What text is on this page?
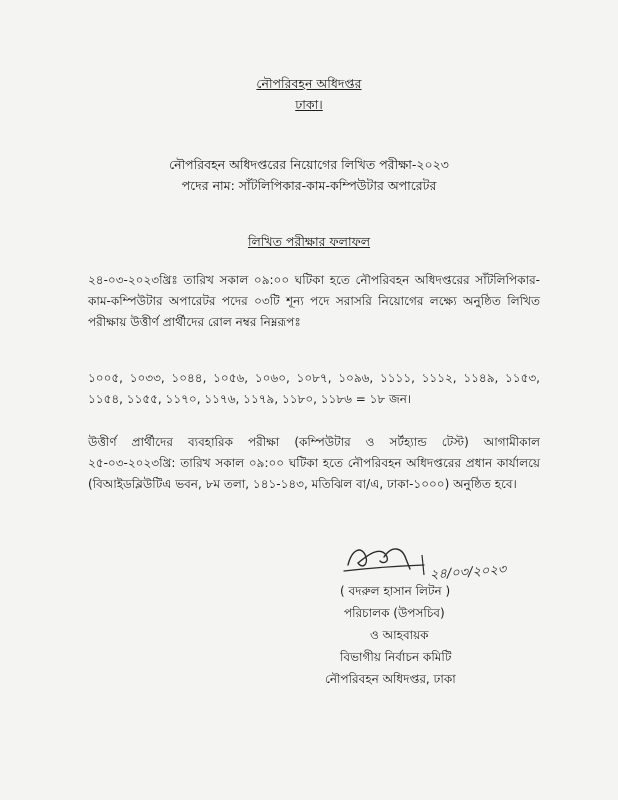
নৌপরিবহন অধিদপ্তর
ঢাকা।
নৌপরিবহন অধিদপ্তরের নিয়োগের লিখিত পরীক্ষা-২০২৩
পদের নাম: সাঁটলিপিকার-কাম-কম্পিউটার অপারেটর
লিখিত পরীক্ষার ফলাফল
২৪-০৩-২০২৩খ্রিঃ তারিখ সকাল ০৯:০০ ঘটিকা হতে নৌপরিবহন অধিদপ্তরের সাঁটলিপিকার-কাম-কম্পিউটার অপারেটর পদের ০৩টি শূন্য পদে সরাসরি নিয়োগের লক্ষ্যে অনুষ্ঠিত লিখিত পরীক্ষায় উত্তীর্ণ প্রার্থীদের রোল নম্বর নিম্নরূপঃ
১০০৫, ১০৩৩, ১০৪৪, ১০৫৬, ১০৬০, ১০৮৭, ১০৯৬, ১১১১, ১১১২, ১১৪৯, ১১৫৩, ১১৫৪, ১১৫৫, ১১৭০, ১১৭৬, ১১৭৯, ১১৮০, ১১৮৬ = ১৮ জন।
উত্তীর্ণ প্রার্থীদের ব্যবহারিক পরীক্ষা (কম্পিউটার ও সর্টহ্যান্ড টেস্ট) আগামীকাল ২৫-০৩-২০২৩খ্রি: তারিখ সকাল ০৯:০০ ঘটিকা হতে নৌপরিবহন অধিদপ্তরের প্রধান কার্যালয়ে (বিআইডব্লিউটিএ ভবন, ৮ম তলা, ১৪১-১৪৩, মতিঝিল বা/এ, ঢাকা-১০০০) অনুষ্ঠিত হবে।
২৪/০৩/২০২৩
( বদরুল হাসান লিটন )
পরিচালক (উপসচিব)
ও আহবায়ক
বিভাগীয় নির্বাচন কমিটি
নৌপরিবহন অধিদপ্তর, ঢাকা
